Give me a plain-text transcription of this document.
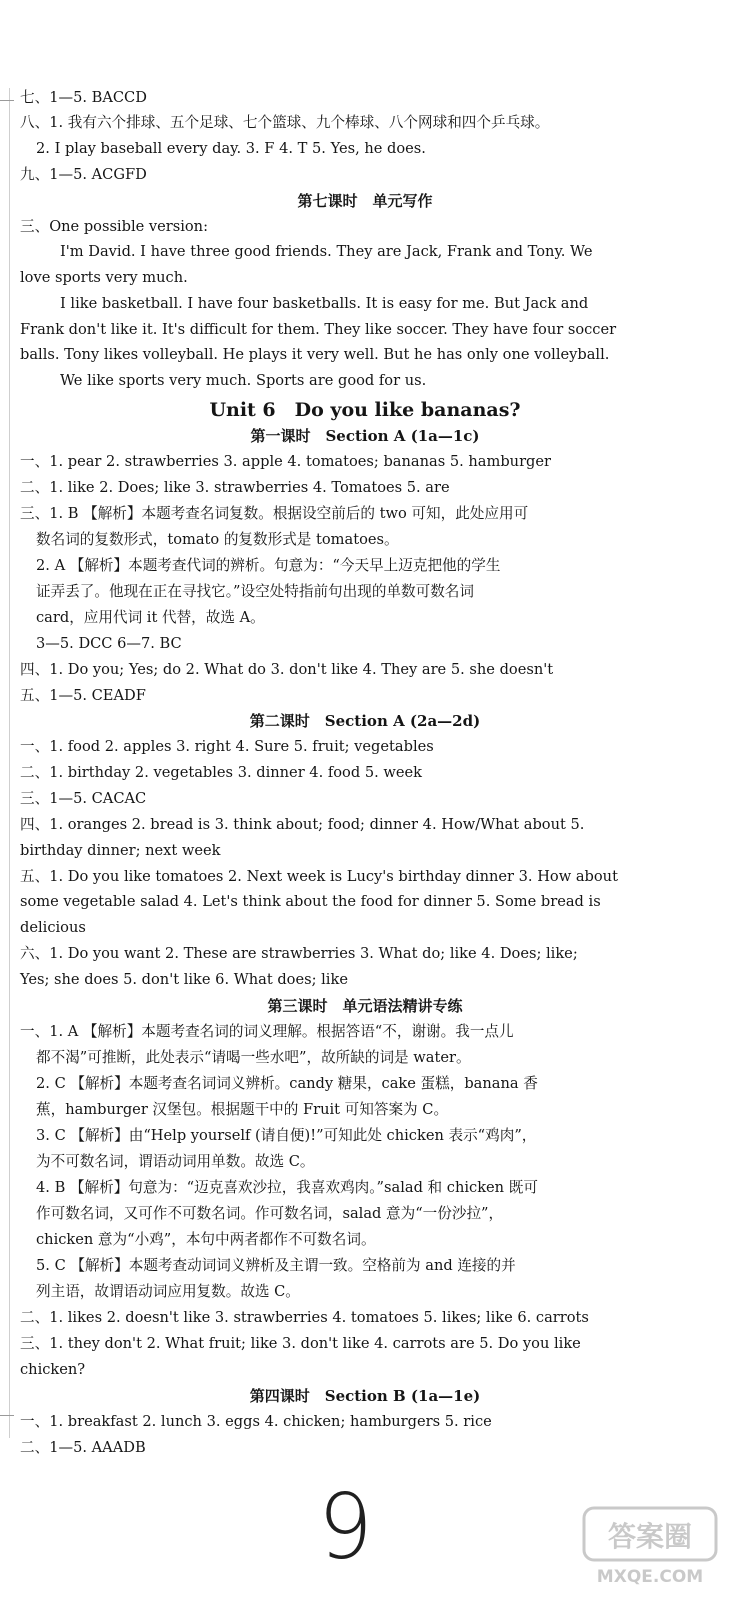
七、1—5. BACCD
八、1. 我有六个排球、五个足球、七个篮球、九个棒球、八个网球和四个乒乓球。
2. I play baseball every day. 3. F 4. T 5. Yes, he does.
九、1—5. ACGFD
第七课时　单元写作
三、One possible version:
I'm David. I have three good friends. They are Jack, Frank and Tony. We
love sports very much.
I like basketball. I have four basketballs. It is easy for me. But Jack and
Frank don't like it. It's difficult for them. They like soccer. They have four soccer
balls. Tony likes volleyball. He plays it very well. But he has only one volleyball.
We like sports very much. Sports are good for us.
Unit 6　Do you like bananas?
第一课时　Section A (1a—1c)
一、1. pear 2. strawberries 3. apple 4. tomatoes; bananas 5. hamburger
二、1. like 2. Does; like 3. strawberries 4. Tomatoes 5. are
三、1. B 【解析】本题考查名词复数。根据设空前后的 two 可知，此处应用可
数名词的复数形式，tomato 的复数形式是 tomatoes。
2. A 【解析】本题考查代词的辨析。句意为：“今天早上迈克把他的学生
证弄丢了。他现在正在寻找它。”设空处特指前句出现的单数可数名词
card，应用代词 it 代替，故选 A。
3—5. DCC 6—7. BC
四、1. Do you; Yes; do 2. What do 3. don't like 4. They are 5. she doesn't
五、1—5. CEADF
第二课时　Section A (2a—2d)
一、1. food 2. apples 3. right 4. Sure 5. fruit; vegetables
二、1. birthday 2. vegetables 3. dinner 4. food 5. week
三、1—5. CACAC
四、1. oranges 2. bread is 3. think about; food; dinner 4. How/What about 5.
birthday dinner; next week
五、1. Do you like tomatoes 2. Next week is Lucy's birthday dinner 3. How about
some vegetable salad 4. Let's think about the food for dinner 5. Some bread is
delicious
六、1. Do you want 2. These are strawberries 3. What do; like 4. Does; like;
Yes; she does 5. don't like 6. What does; like
第三课时　单元语法精讲专练
一、1. A 【解析】本题考查名词的词义理解。根据答语“不，谢谢。我一点儿
都不渴”可推断，此处表示“请喝一些水吧”，故所缺的词是 water。
2. C 【解析】本题考查名词词义辨析。candy 糖果，cake 蛋糕，banana 香
蕉，hamburger 汉堡包。根据题干中的 Fruit 可知答案为 C。
3. C 【解析】由“Help yourself (请自便)!”可知此处 chicken 表示“鸡肉”，
为不可数名词，谓语动词用单数。故选 C。
4. B 【解析】句意为：“迈克喜欢沙拉，我喜欢鸡肉。”salad 和 chicken 既可
作可数名词，又可作不可数名词。作可数名词，salad 意为“一份沙拉”，
chicken 意为“小鸡”，本句中两者都作不可数名词。
5. C 【解析】本题考查动词词义辨析及主谓一致。空格前为 and 连接的并
列主语，故谓语动词应用复数。故选 C。
二、1. likes 2. doesn't like 3. strawberries 4. tomatoes 5. likes; like 6. carrots
三、1. they don't 2. What fruit; like 3. don't like 4. carrots are 5. Do you like
chicken?
第四课时　Section B (1a—1e)
一、1. breakfast 2. lunch 3. eggs 4. chicken; hamburgers 5. rice
二、1—5. AAADB
9	答案圈
MXQE.COM
